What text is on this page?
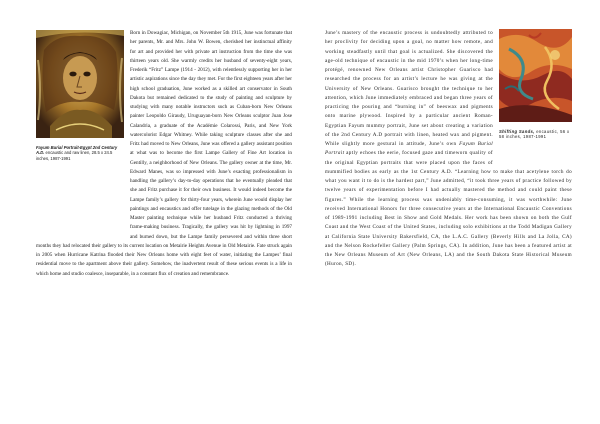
Fayum Burial Portrait-Egypt 2nd Century A.D. encaustic and raw linen, 28.5 x 24.5 inches, 1987-1991

Born in Dowagiac, Michigan, on November 5th 1915, June was fortunate that her parents, Mr. and Mrs. John W. Bowen, cherished her instinctual affinity for art and provided her with private art instruction from the time she was thirteen years old. She warmly credits her husband of seventy-eight years, Frederik “Fritz” Lampe (1914 - 2012), with relentlessly supporting her in her artistic aspirations since the day they met. For the first eighteen years after her high school graduation, June worked as a skilled art conservator in South Dakota but remained dedicated to the study of painting and sculpture by studying with many notable instructors such as Cuban-born New Orleans painter Leopoldo Giraudy, Uruguayan-born New Orleans sculptor Juan Jose Calandria, a graduate of the Académie Colarossi, Paris, and New York watercolorist Edgar Whitney. While taking sculpture classes after she and Fritz had moved to New Orleans, June was offered a gallery assistant position at what was to become the first Lampe Gallery of Fine Art location in Gentilly, a neighborhood of New Orleans. The gallery owner at the time, Mr. Edward Manes, was so impressed with June’s exacting professionalism in handling the gallery’s day-to-day operations that he eventually pleaded that she and Fritz purchase it for their own business. It would indeed become the Lampe family’s gallery for thirty-four years, wherein June would display her paintings and encaustics and offer tutelage in the glazing methods of the Old Master painting technique while her husband Fritz conducted a thriving frame-making business. Tragically, the gallery was hit by lightning in 1997 and burned down, but the Lampe family persevered and within three short months they had relocated their gallery to its current location on Metairie Heights Avenue in Old Metairie. Fate struck again in 2005 when Hurricane Katrina flooded their New Orleans home with eight feet of water, initiating the Lampes’ final residential move to the apartment above their gallery. Somehow, the inadvertent result of these serious events is a life in which home and studio coalesce, inseparable, in a constant flux of creation and remembrance.

Shifting Sands, encaustic, 56 x 58 inches, 1987-1991

June’s mastery of the encaustic process is undoubtedly attributed to her proclivity for deciding upon a goal, no matter how remote, and working steadfastly until that goal is actualized. She discovered the age-old technique of encaustic in the mid 1970’s when her long-time protégé, renowned New Orleans artist Christopher Guarisco had researched the process for an artist’s lecture he was giving at the University of New Orleans. Guarisco brought the technique to her attention, which June immediately embraced and began three years of practicing the pouring and “burning in” of beeswax and pigments onto marine plywood. Inspired by a particular ancient Roman-Egyptian Fayum mummy portrait, June set about creating a variation of the 2nd Century A.D portrait with linen, heated wax and pigment. While slightly more gestural in attitude, June’s own Fayum Burial Portrait aptly echoes the eerie, focused gaze and timeworn quality of the original Egyptian portraits that were placed upon the faces of mummified bodies as early as the 1st Century A.D. “Learning how to make that acetylene torch do what you want it to do is the hardest part,” June admitted, “it took three years of practice followed by twelve years of experimentation before I had actually mastered the method and could paint these figures.” While the learning process was undeniably time-consuming, it was worthwhile: June received International Honors for three consecutive years at the International Encaustic Conventions of 1989-1991 including Best in Show and Gold Medals. Her work has been shown on both the Gulf Coast and the West Coast of the United States, including solo exhibitions at the Todd Madigan Gallery at California State University Bakersfield, CA, the L.A.C. Gallery (Beverly Hills and La Jolla, CA) and the Nelson Rockefeller Gallery (Palm Springs, CA). In addition, June has been a featured artist at the New Orleans Museum of Art (New Orleans, LA) and the South Dakota State Historical Museum (Huron, SD).
